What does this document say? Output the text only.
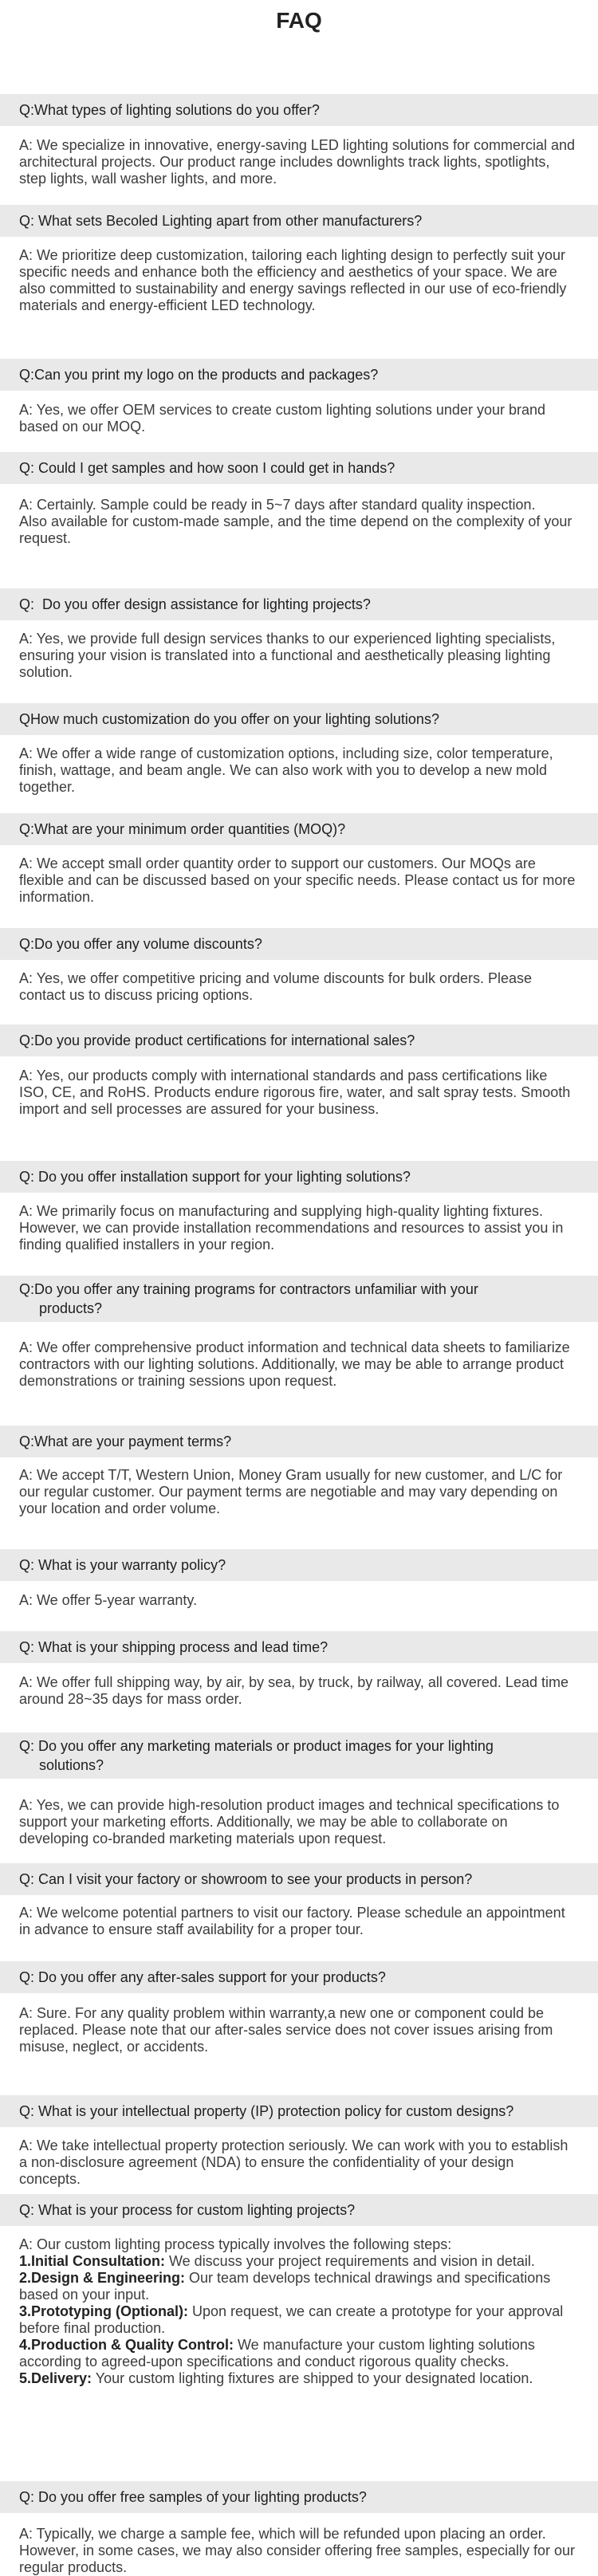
FAQ
Q:What types of lighting solutions do you offer?

A: We specialize in innovative, energy-saving LED lighting solutions for commercial and architectural projects. Our product range includes downlights track lights, spotlights, step lights, wall washer lights, and more.

Q: What sets Becoled Lighting apart from other manufacturers?

A: We prioritize deep customization, tailoring each lighting design to perfectly suit your specific needs and enhance both the efficiency and aesthetics of your space. We are also committed to sustainability and energy savings reflected in our use of eco-friendly materials and energy-efficient LED technology.

Q:Can you print my logo on the products and packages?

A: Yes, we offer OEM services to create custom lighting solutions under your brand based on our MOQ.

Q: Could I get samples and how soon I could get in hands?

A: Certainly. Sample could be ready in 5~7 days after standard quality inspection.

Also available for custom-made sample, and the time depend on the complexity of your request.

Q:  Do you offer design assistance for lighting projects?

A: Yes, we provide full design services thanks to our experienced lighting specialists, ensuring your vision is translated into a functional and aesthetically pleasing lighting solution.

QHow much customization do you offer on your lighting solutions?

A: We offer a wide range of customization options, including size, color temperature, finish, wattage, and beam angle. We can also work with you to develop a new mold together.

Q:What are your minimum order quantities (MOQ)?

A: We accept small order quantity order to support our customers. Our MOQs are flexible and can be discussed based on your specific needs. Please contact us for more information.

Q:Do you offer any volume discounts?

A: Yes, we offer competitive pricing and volume discounts for bulk orders. Please contact us to discuss pricing options.

Q:Do you provide product certifications for international sales?

A: Yes, our products comply with international standards and pass certifications like ISO, CE, and RoHS. Products endure rigorous fire, water, and salt spray tests. Smooth import and sell processes are assured for your business.

Q: Do you offer installation support for your lighting solutions?

A: We primarily focus on manufacturing and supplying high-quality lighting fixtures. However, we can provide installation recommendations and resources to assist you in finding qualified installers in your region.

Q:Do you offer any training programs for contractors unfamiliar with your
products?

A: We offer comprehensive product information and technical data sheets to familiarize contractors with our lighting solutions. Additionally, we may be able to arrange product demonstrations or training sessions upon request.

Q:What are your payment terms?

A: We accept T/T, Western Union, Money Gram usually for new customer, and L/C for our regular customer. Our payment terms are negotiable and may vary depending on your location and order volume.

Q: What is your warranty policy?

A: We offer 5-year warranty.

Q: What is your shipping process and lead time?

A: We offer full shipping way, by air, by sea, by truck, by railway, all covered. Lead time around 28~35 days for mass order.

Q: Do you offer any marketing materials or product images for your lighting
solutions?

A: Yes, we can provide high-resolution product images and technical specifications to support your marketing efforts. Additionally, we may be able to collaborate on developing co-branded marketing materials upon request.

Q: Can I visit your factory or showroom to see your products in person?

A: We welcome potential partners to visit our factory. Please schedule an appointment in advance to ensure staff availability for a proper tour.

Q: Do you offer any after-sales support for your products?

A: Sure. For any quality problem within warranty,a new one or component could be replaced. Please note that our after-sales service does not cover issues arising from misuse, neglect, or accidents.

Q: What is your intellectual property (IP) protection policy for custom designs?

A: We take intellectual property protection seriously. We can work with you to establish a non-disclosure agreement (NDA) to ensure the confidentiality of your design concepts.

Q: What is your process for custom lighting projects?

A: Our custom lighting process typically involves the following steps:

1.Initial Consultation: We discuss your project requirements and vision in detail.

2.Design & Engineering: Our team develops technical drawings and specifications based on your input.

3.Prototyping (Optional): Upon request, we can create a prototype for your approval before final production.

4.Production & Quality Control: We manufacture your custom lighting solutions according to agreed-upon specifications and conduct rigorous quality checks.

5.Delivery: Your custom lighting fixtures are shipped to your designated location.

Q: Do you offer free samples of your lighting products?

A: Typically, we charge a sample fee, which will be refunded upon placing an order. However, in some cases, we may also consider offering free samples, especially for our regular products.
